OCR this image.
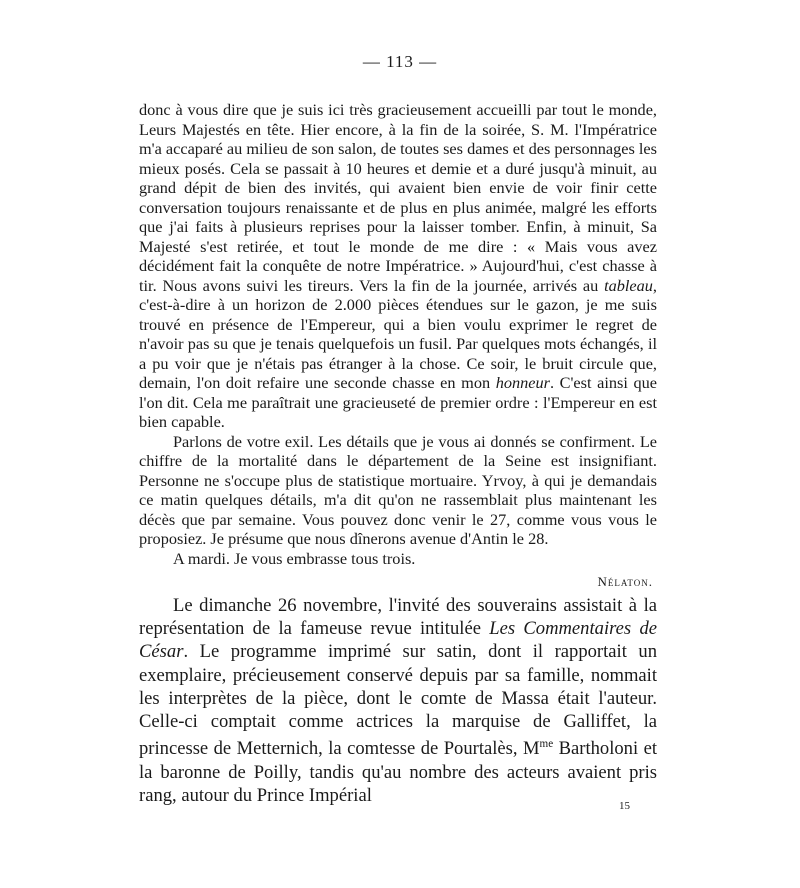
— 113 —

donc à vous dire que je suis ici très gracieusement accueilli par tout le monde, Leurs Majestés en tête. Hier encore, à la fin de la soirée, S. M. l'Impératrice m'a accaparé au milieu de son salon, de toutes ses dames et des personnages les mieux posés. Cela se passait à 10 heures et demie et a duré jusqu'à minuit, au grand dépit de bien des invités, qui avaient bien envie de voir finir cette conversation toujours renaissante et de plus en plus animée, malgré les efforts que j'ai faits à plusieurs reprises pour la laisser tomber. Enfin, à minuit, Sa Majesté s'est retirée, et tout le monde de me dire : « Mais vous avez décidément fait la conquête de notre Impératrice. » Aujourd'hui, c'est chasse à tir. Nous avons suivi les tireurs. Vers la fin de la journée, arrivés au tableau, c'est-à-dire à un horizon de 2.000 pièces étendues sur le gazon, je me suis trouvé en présence de l'Empereur, qui a bien voulu exprimer le regret de n'avoir pas su que je tenais quelquefois un fusil. Par quelques mots échangés, il a pu voir que je n'étais pas étranger à la chose. Ce soir, le bruit circule que, demain, l'on doit refaire une seconde chasse en mon honneur. C'est ainsi que l'on dit. Cela me paraîtrait une gracieuseté de premier ordre : l'Empereur en est bien capable.

Parlons de votre exil. Les détails que je vous ai donnés se confirment. Le chiffre de la mortalité dans le département de la Seine est insignifiant. Personne ne s'occupe plus de statistique mortuaire. Yrvoy, à qui je demandais ce matin quelques détails, m'a dit qu'on ne rassemblait plus maintenant les décès que par semaine. Vous pouvez donc venir le 27, comme vous vous le proposiez. Je présume que nous dînerons avenue d'Antin le 28.

A mardi. Je vous embrasse tous trois.

Nélaton.

Le dimanche 26 novembre, l'invité des souverains assistait à la représentation de la fameuse revue intitulée Les Commentaires de César. Le programme imprimé sur satin, dont il rapportait un exemplaire, précieusement conservé depuis par sa famille, nommait les interprètes de la pièce, dont le comte de Massa était l'auteur. Celle-ci comptait comme actrices la marquise de Galliffet, la princesse de Metternich, la comtesse de Pourtalès, $M^{me}$ Bartholoni et la baronne de Poilly, tandis qu'au nombre des acteurs avaient pris rang, autour du Prince Impérial

15
